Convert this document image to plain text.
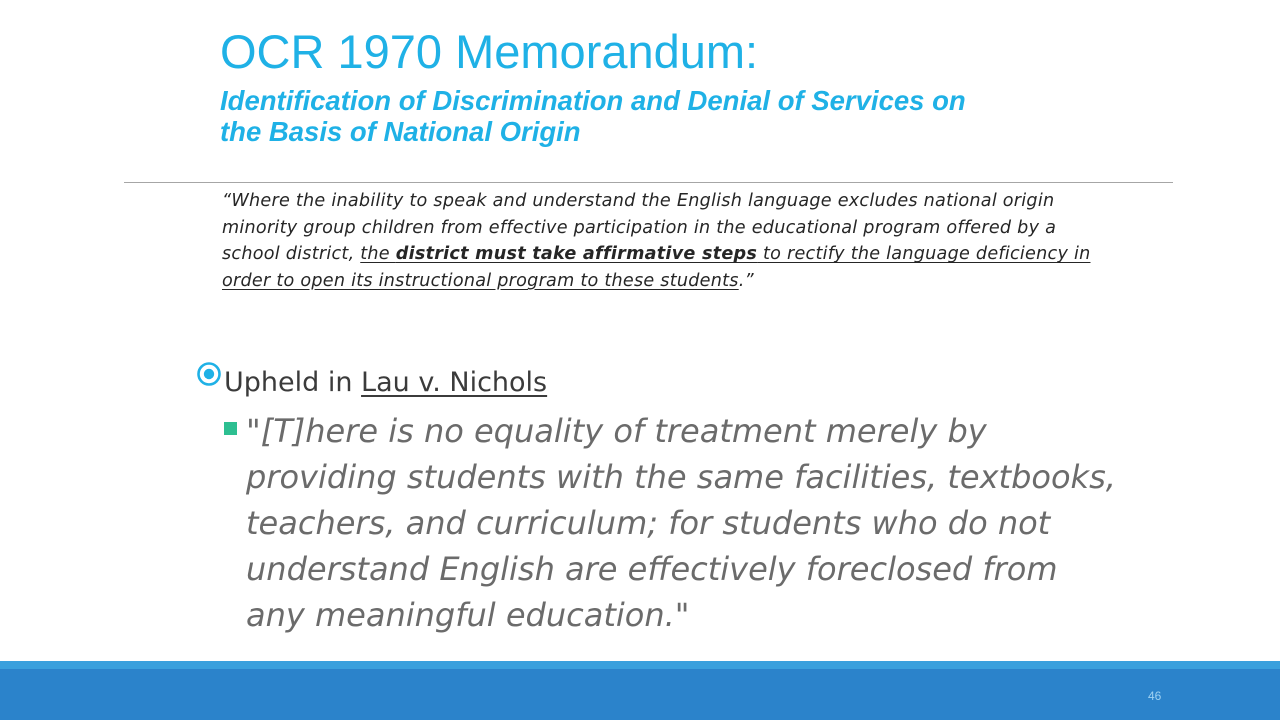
OCR 1970 Memorandum:
Identification of Discrimination and Denial of Services on the Basis of National Origin

“Where the inability to speak and understand the English language excludes national origin minority group children from effective participation in the educational program offered by a school district, the district must take affirmative steps to rectify the language deficiency in order to open its instructional program to these students.”

Upheld in Lau v. Nichols

"[T]here is no equality of treatment merely by providing students with the same facilities, textbooks, teachers, and curriculum; for students who do not understand English are effectively foreclosed from any meaningful education."

46
